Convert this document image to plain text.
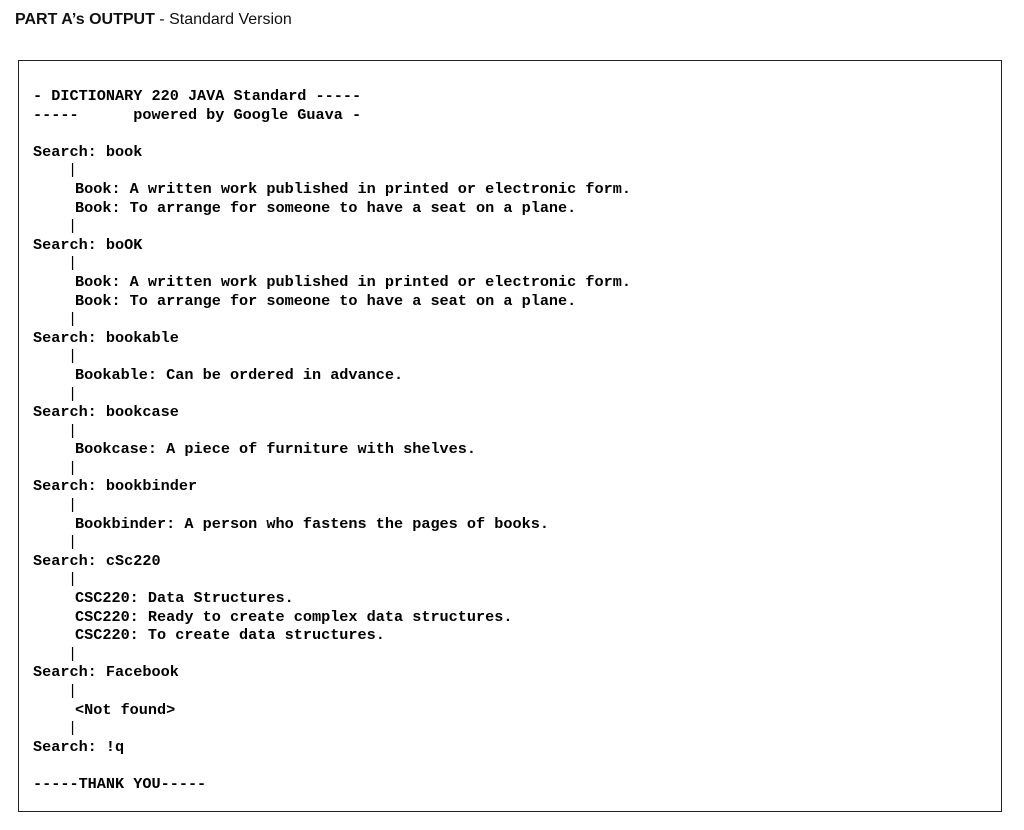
PART A’s OUTPUT - Standard Version
- DICTIONARY 220 JAVA Standard -----
-----      powered by Google Guava -
Search: book
|
Book: A written work published in printed or electronic form.
Book: To arrange for someone to have a seat on a plane.
|
Search: boOK
|
Book: A written work published in printed or electronic form.
Book: To arrange for someone to have a seat on a plane.
|
Search: bookable
|
Bookable: Can be ordered in advance.
|
Search: bookcase
|
Bookcase: A piece of furniture with shelves.
|
Search: bookbinder
|
Bookbinder: A person who fastens the pages of books.
|
Search: cSc220
|
CSC220: Data Structures.
CSC220: Ready to create complex data structures.
CSC220: To create data structures.
|
Search: Facebook
|
<Not found>
|
Search: !q
-----THANK YOU-----
